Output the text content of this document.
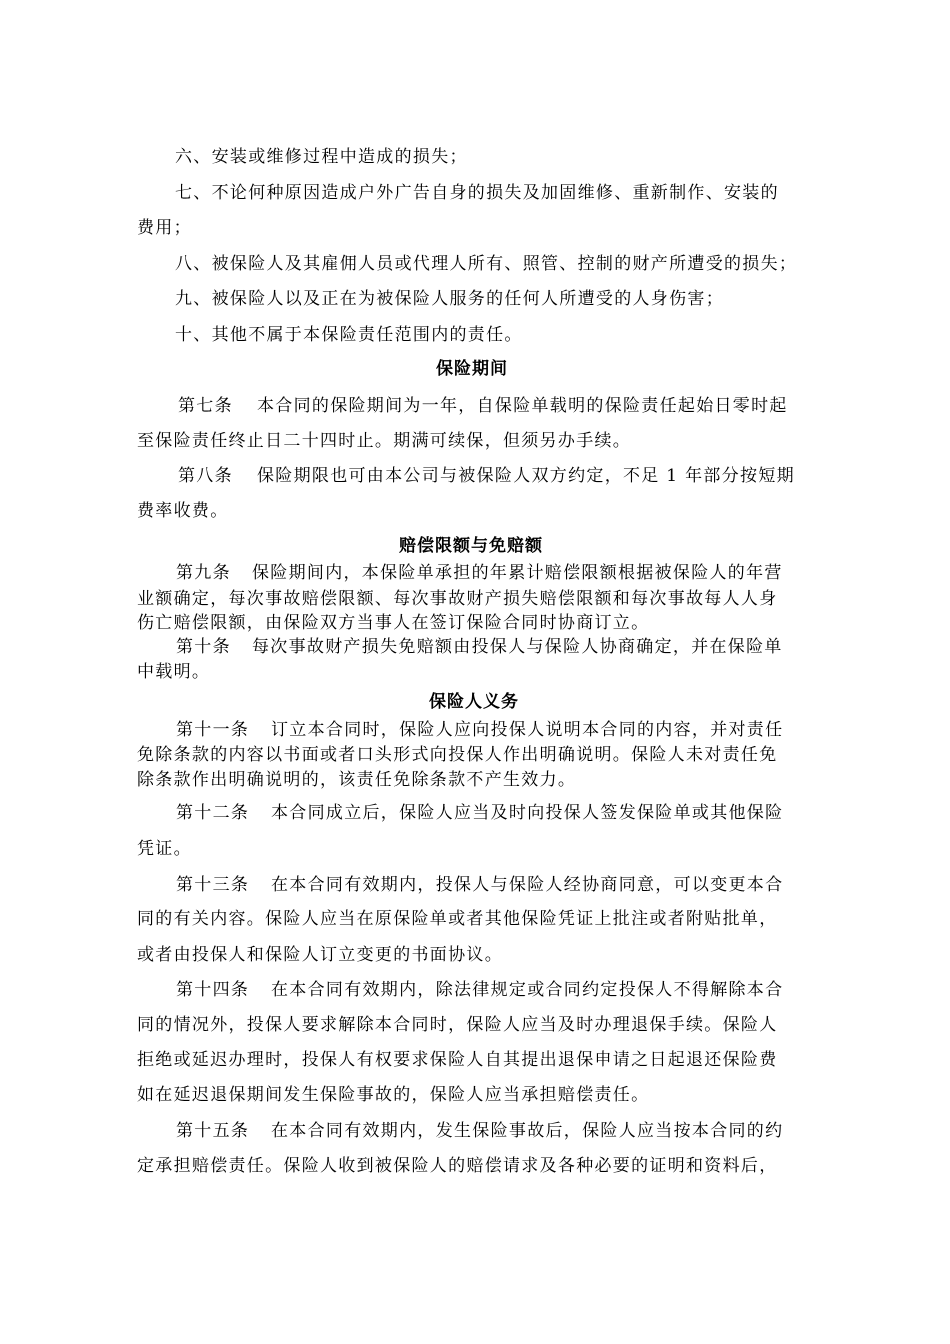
六、安装或维修过程中造成的损失；
七、不论何种原因造成户外广告自身的损失及加固维修、重新制作、安装的
费用；
八、被保险人及其雇佣人员或代理人所有、照管、控制的财产所遭受的损失；
九、被保险人以及正在为被保险人服务的任何人所遭受的人身伤害；
十、其他不属于本保险责任范围内的责任。
保险期间
第七条 本合同的保险期间为一年，自保险单载明的保险责任起始日零时起
至保险责任终止日二十四时止。期满可续保，但须另办手续。
第八条 保险期限也可由本公司与被保险人双方约定，不足 1 年部分按短期
费率收费。
赔偿限额与免赔额
第九条 保险期间内，本保险单承担的年累计赔偿限额根据被保险人的年营
业额确定，每次事故赔偿限额、每次事故财产损失赔偿限额和每次事故每人人身
伤亡赔偿限额，由保险双方当事人在签订保险合同时协商订立。
第十条 每次事故财产损失免赔额由投保人与保险人协商确定，并在保险单
中载明。
保险人义务
第十一条 订立本合同时，保险人应向投保人说明本合同的内容，并对责任
免除条款的内容以书面或者口头形式向投保人作出明确说明。保险人未对责任免
除条款作出明确说明的，该责任免除条款不产生效力。
第十二条 本合同成立后，保险人应当及时向投保人签发保险单或其他保险
凭证。
第十三条 在本合同有效期内，投保人与保险人经协商同意，可以变更本合
同的有关内容。保险人应当在原保险单或者其他保险凭证上批注或者附贴批单，
或者由投保人和保险人订立变更的书面协议。
第十四条 在本合同有效期内，除法律规定或合同约定投保人不得解除本合
同的情况外，投保人要求解除本合同时，保险人应当及时办理退保手续。保险人
拒绝或延迟办理时，投保人有权要求保险人自其提出退保申请之日起退还保险费
如在延迟退保期间发生保险事故的，保险人应当承担赔偿责任。
第十五条 在本合同有效期内，发生保险事故后，保险人应当按本合同的约
定承担赔偿责任。保险人收到被保险人的赔偿请求及各种必要的证明和资料后，
